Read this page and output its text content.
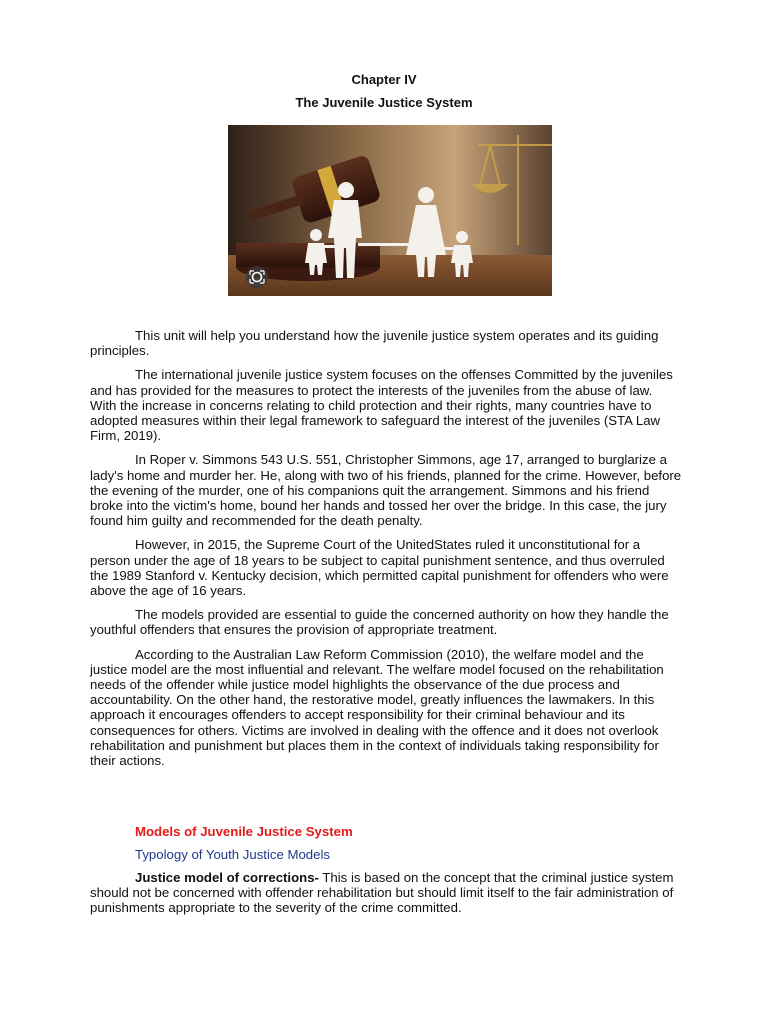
Chapter IV
The Juvenile Justice System

This unit will help you understand how the juvenile justice system operates and its guiding principles.

The international juvenile justice system focuses on the offenses Committed by the juveniles and has provided for the measures to protect the interests of the juveniles from the abuse of law. With the increase in concerns relating to child protection and their rights, many countries have to adopted measures within their legal framework to safeguard the interest of the juveniles (STA Law Firm, 2019).

In Roper v. Simmons 543 U.S. 551, Christopher Simmons, age 17, arranged to burglarize a lady's home and murder her. He, along with two of his friends, planned for the crime. However, before the evening of the murder, one of his companions quit the arrangement. Simmons and his friend broke into the victim's home, bound her hands and tossed her over the bridge. In this case, the jury found him guilty and recommended for the death penalty.

However, in 2015, the Supreme Court of the UnitedStates ruled it unconstitutional for a person under the age of 18 years to be subject to capital punishment sentence, and thus overruled the 1989 Stanford v. Kentucky decision, which permitted capital punishment for offenders who were above the age of 16 years.

The models provided are essential to guide the concerned authority on how they handle the youthful offenders that ensures the provision of appropriate treatment.

According to the Australian Law Reform Commission (2010), the welfare model and the justice model are the most influential and relevant. The welfare model focused on the rehabilitation needs of the offender while justice model highlights the observance of the due process and accountability. On the other hand, the restorative model, greatly influences the lawmakers. In this approach it encourages offenders to accept responsibility for their criminal behaviour and its consequences for others. Victims are involved in dealing with the offence and it does not overlook rehabilitation and punishment but places them in the context of individuals taking responsibility for their actions.

Models of Juvenile Justice System
Typology of Youth Justice Models

Justice model of corrections- This is based on the concept that the criminal justice system should not be concerned with offender rehabilitation but should limit itself to the fair administration of punishments appropriate to the severity of the crime committed.
